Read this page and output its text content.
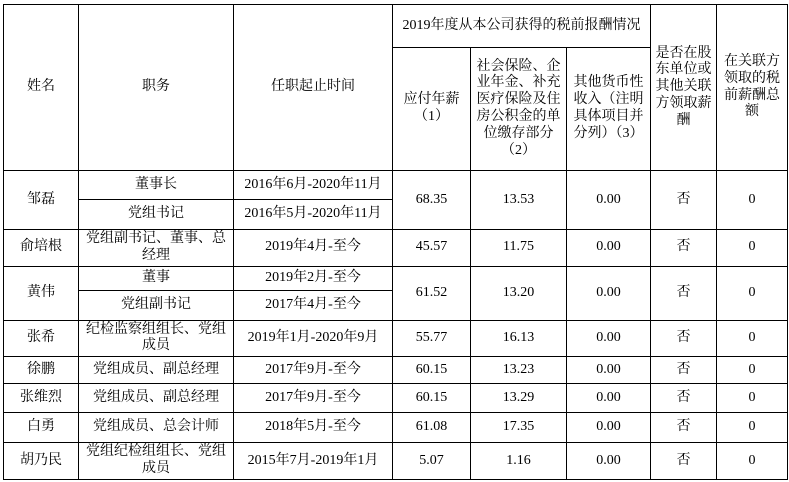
姓名	职务	任职起止时间	2019年度从本公司获得的税前报酬情况			是否在股东单位或其他关联方领取薪酬	在关联方领取的税前薪酬总额
			应付年薪（1）	社会保险、企业年金、补充医疗保险及住房公积金的单位缴存部分（2）	其他货币性收入（注明具体项目并分列）（3）		
邹磊	董事长	2016年6月-2020年11月	68.35	13.53	0.00	否	0
	党组书记	2016年5月-2020年11月					
俞培根	党组副书记、董事、总经理	2019年4月-至今	45.57	11.75	0.00	否	0
黄伟	董事	2019年2月-至今	61.52	13.20	0.00	否	0
	党组副书记	2017年4月-至今					
张希	纪检监察组组长、党组成员	2019年1月-2020年9月	55.77	16.13	0.00	否	0
徐鹏	党组成员、副总经理	2017年9月-至今	60.15	13.23	0.00	否	0
张维烈	党组成员、副总经理	2017年9月-至今	60.15	13.29	0.00	否	0
白勇	党组成员、总会计师	2018年5月-至今	61.08	17.35	0.00	否	0
胡乃民	党组纪检组组长、党组成员	2015年7月-2019年1月	5.07	1.16	0.00	否	0
